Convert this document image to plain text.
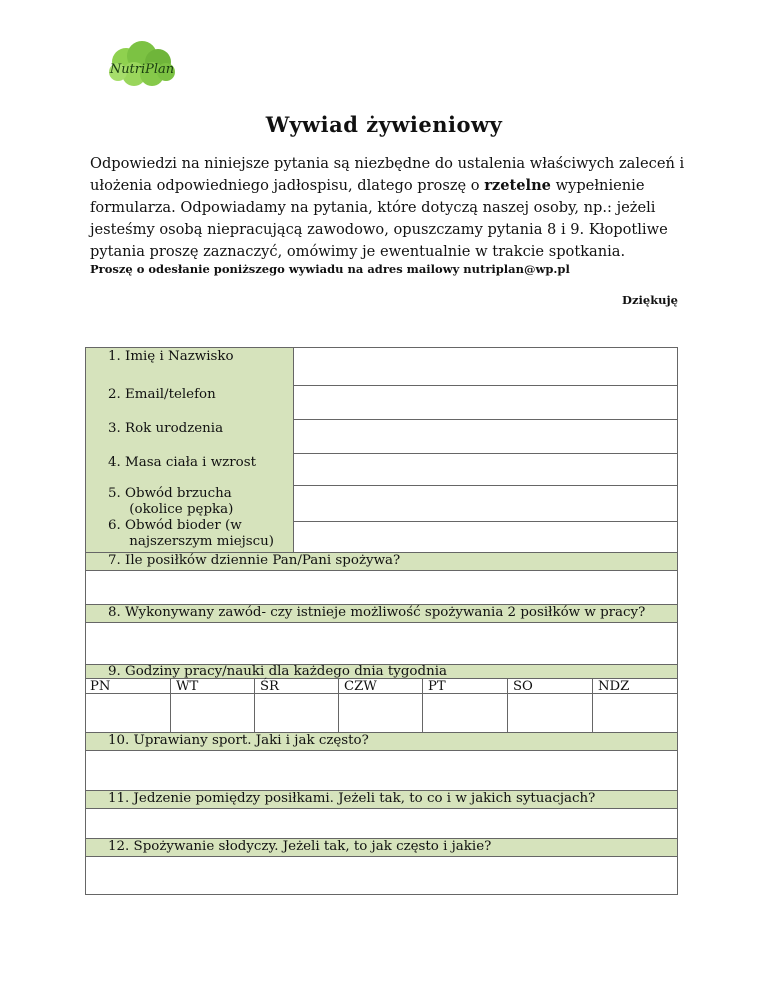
NutriPlan
Wywiad żywieniowy
Odpowiedzi na niniejsze pytania są niezbędne do ustalenia właściwych zaleceń i ułożenia odpowiedniego jadłospisu, dlatego proszę o rzetelne wypełnienie formularza. Odpowiadamy na pytania, które dotyczą naszej osoby, np.: jeżeli jesteśmy osobą niepracującą zawodowo, opuszczamy pytania 8 i 9. Kłopotliwe pytania proszę zaznaczyć, omówimy je ewentualnie w trakcie spotkania.
Proszę o odesłanie poniższego wywiadu na adres mailowy nutriplan@wp.pl
Dziękuję
1. Imię i Nazwisko
2. Email/telefon
3. Rok urodzenia
4. Masa ciała i wzrost
5. Obwód brzucha
(okolice pępka)
6. Obwód bioder (w
najszerszym miejscu)
7. Ile posiłków dziennie Pan/Pani spożywa?
8. Wykonywany zawód- czy istnieje możliwość spożywania 2 posiłków w pracy?
9. Godziny pracy/nauki dla każdego dnia tygodnia
PN	WT	ŚR	CZW	PT	SO	NDZ
10. Uprawiany sport. Jaki i jak często?
11. Jedzenie pomiędzy posiłkami. Jeżeli tak, to co i w jakich sytuacjach?
12. Spożywanie słodyczy. Jeżeli tak, to jak często i jakie?
